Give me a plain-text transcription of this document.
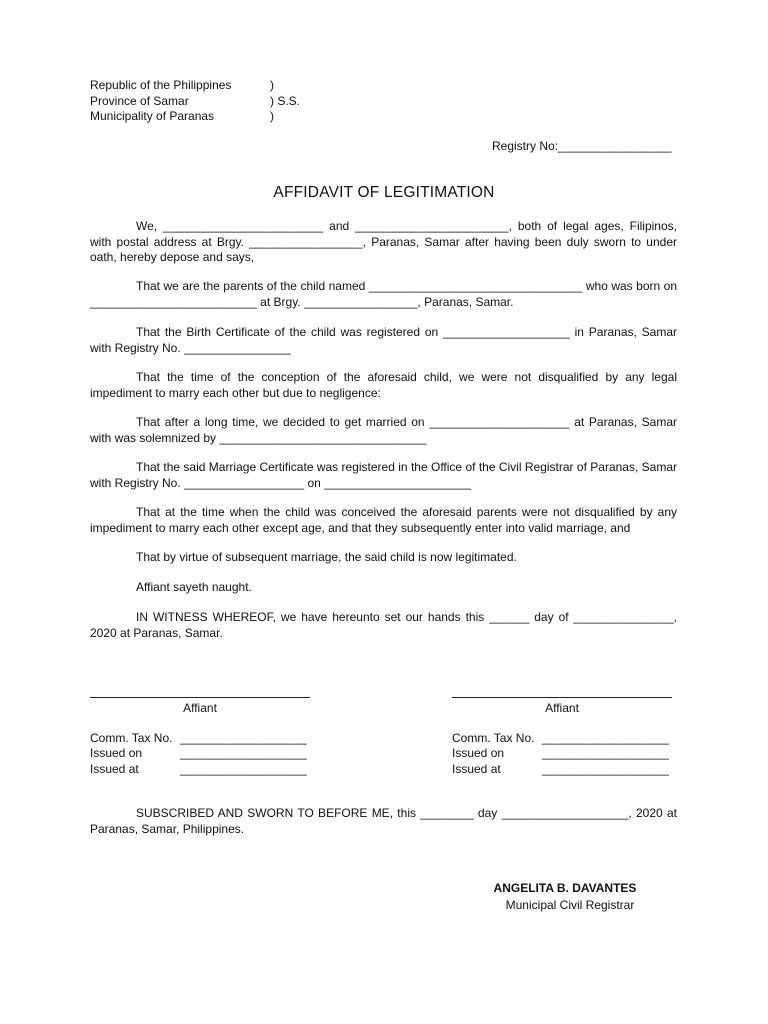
Republic of the Philippines	)
Province of Samar	) S.S.
Municipality of Paranas	)
Registry No:_________________
AFFIDAVIT OF LEGITIMATION

We, ________________________ and _______________________, both of legal ages, Filipinos, with postal address at Brgy. _________________, Paranas, Samar after having been duly sworn to under oath, hereby depose and says,

That we are the parents of the child named ________________________________ who was born on _________________________ at Brgy. _________________, Paranas, Samar.

That the Birth Certificate of the child was registered on ___________________ in Paranas, Samar with Registry No. ________________

That the time of the conception of the aforesaid child, we were not disqualified by any legal impediment to marry each other but due to negligence:

That after a long time, we decided to get married on _____________________ at Paranas, Samar with was solemnized by _______________________________

That the said Marriage Certificate was registered in the Office of the Civil Registrar of Paranas, Samar with Registry No. __________________ on ______________________

That at the time when the child was conceived the aforesaid parents were not disqualified by any impediment to marry each other except age, and that they subsequently enter into valid marriage, and

That by virtue of subsequent marriage, the said child is now legitimated.

Affiant sayeth naught.

IN WITNESS WHEREOF, we have hereunto set our hands this ______ day of _______________, 2020 at Paranas, Samar.

Affiant
Comm. Tax No. ___________________
Issued on	___________________
Issued at	___________________
Affiant
Comm. Tax No. ___________________
Issued on	___________________
Issued at	___________________

SUBSCRIBED AND SWORN TO BEFORE ME, this ________ day ___________________, 2020 at Paranas, Samar, Philippines.

ANGELITA B. DAVANTES
Municipal Civil Registrar
